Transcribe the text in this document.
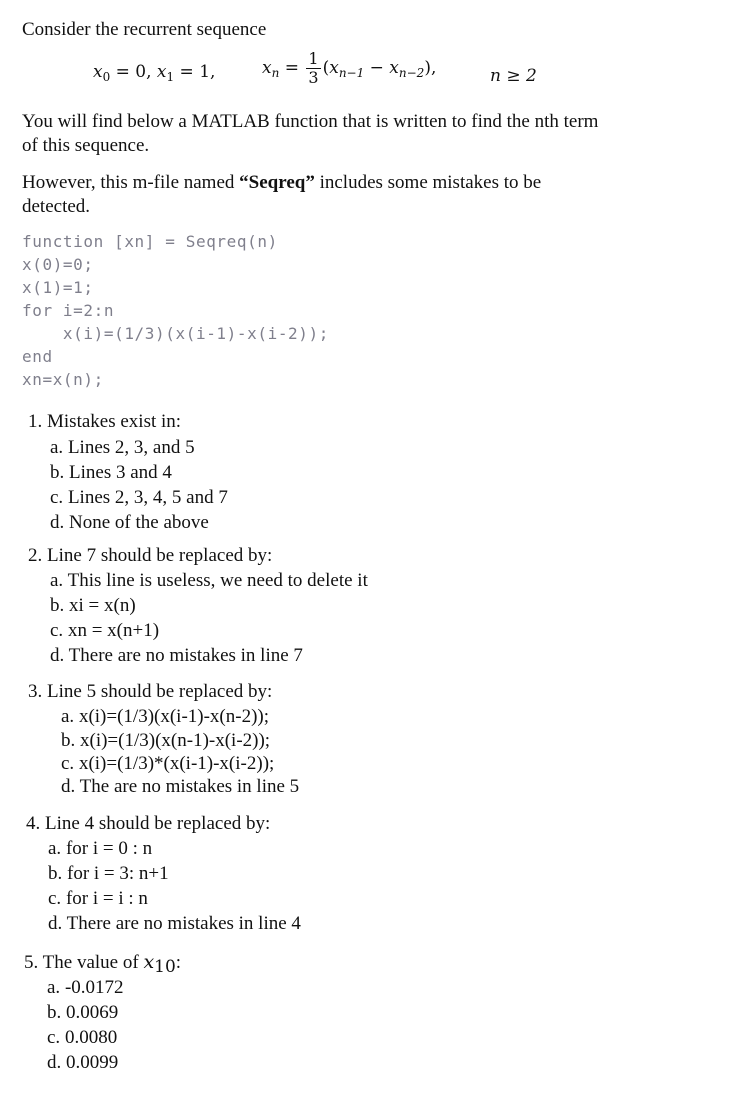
Consider the recurrent sequence
$x_0 = 0$, $x_1 = 1$,	$x_n = \frac{1}{3} (x_{n-1} - x_{n-2})$,	n ≥ 2
You will find below a MATLAB function that is written to find the nth term of this sequence.
However, this m-file named “Seqreq” includes some mistakes to be detected.
function [xn] = Seqreq(n)
x(0)=0;
x(1)=1;
for i=2:n
x(i)=(1/3)(x(i-1)-x(i-2));
end
xn=x(n);
1. Mistakes exist in:
a. Lines 2, 3, and 5
b. Lines 3 and 4
c. Lines 2, 3, 4, 5 and 7
d. None of the above
2. Line 7 should be replaced by:
a. This line is useless, we need to delete it
b. xi = x(n)
c. xn = x(n+1)
d. There are no mistakes in line 7
3. Line 5 should be replaced by:
a. x(i)=(1/3)(x(i-1)-x(n-2));
b. x(i)=(1/3)(x(n-1)-x(i-2));
c. x(i)=(1/3)*(x(i-1)-x(i-2));
d. The are no mistakes in line 5
4. Line 4 should be replaced by:
a. for i = 0 : n
b. for i = 3: n+1
c. for i = i : n
d. There are no mistakes in line 4
5. The value of $x_{10}$:
a. -0.0172
b. 0.0069
c. 0.0080
d. 0.0099
